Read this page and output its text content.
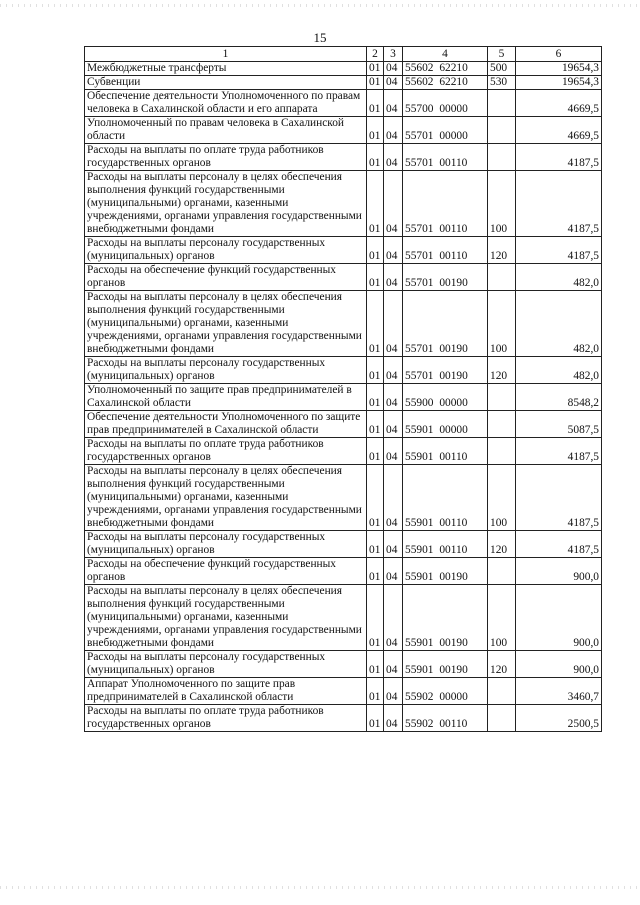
15
1	2	3	4	5	6
Межбюджетные трансферты	01	04	55602 62210	500	19654,3
Субвенции	01	04	55602 62210	530	19654,3
Обеспечение деятельности Уполномоченного по правам человека в Сахалинской области и его аппарата	01	04	55700 00000		4669,5
Уполномоченный по правам человека в Сахалинской области	01	04	55701 00000		4669,5
Расходы на выплаты по оплате труда работников государственных органов	01	04	55701 00110		4187,5
Расходы на выплаты персоналу в целях обеспечения выполнения функций государственными (муниципальными) органами, казенными учреждениями, органами управления государственными внебюджетными фондами	01	04	55701 00110	100	4187,5
Расходы на выплаты персоналу государственных (муниципальных) органов	01	04	55701 00110	120	4187,5
Расходы на обеспечение функций государственных органов	01	04	55701 00190		482,0
Расходы на выплаты персоналу в целях обеспечения выполнения функций государственными (муниципальными) органами, казенными учреждениями, органами управления государственными внебюджетными фондами	01	04	55701 00190	100	482,0
Расходы на выплаты персоналу государственных (муниципальных) органов	01	04	55701 00190	120	482,0
Уполномоченный по защите прав предпринимателей в Сахалинской области	01	04	55900 00000		8548,2
Обеспечение деятельности Уполномоченного по защите прав предпринимателей в Сахалинской области	01	04	55901 00000		5087,5
Расходы на выплаты по оплате труда работников государственных органов	01	04	55901 00110		4187,5
Расходы на выплаты персоналу в целях обеспечения выполнения функций государственными (муниципальными) органами, казенными учреждениями, органами управления государственными внебюджетными фондами	01	04	55901 00110	100	4187,5
Расходы на выплаты персоналу государственных (муниципальных) органов	01	04	55901 00110	120	4187,5
Расходы на обеспечение функций государственных органов	01	04	55901 00190		900,0
Расходы на выплаты персоналу в целях обеспечения выполнения функций государственными (муниципальными) органами, казенными учреждениями, органами управления государственными внебюджетными фондами	01	04	55901 00190	100	900,0
Расходы на выплаты персоналу государственных (муниципальных) органов	01	04	55901 00190	120	900,0
Аппарат Уполномоченного по защите прав предпринимателей в Сахалинской области	01	04	55902 00000		3460,7
Расходы на выплаты по оплате труда работников государственных органов	01	04	55902 00110		2500,5
